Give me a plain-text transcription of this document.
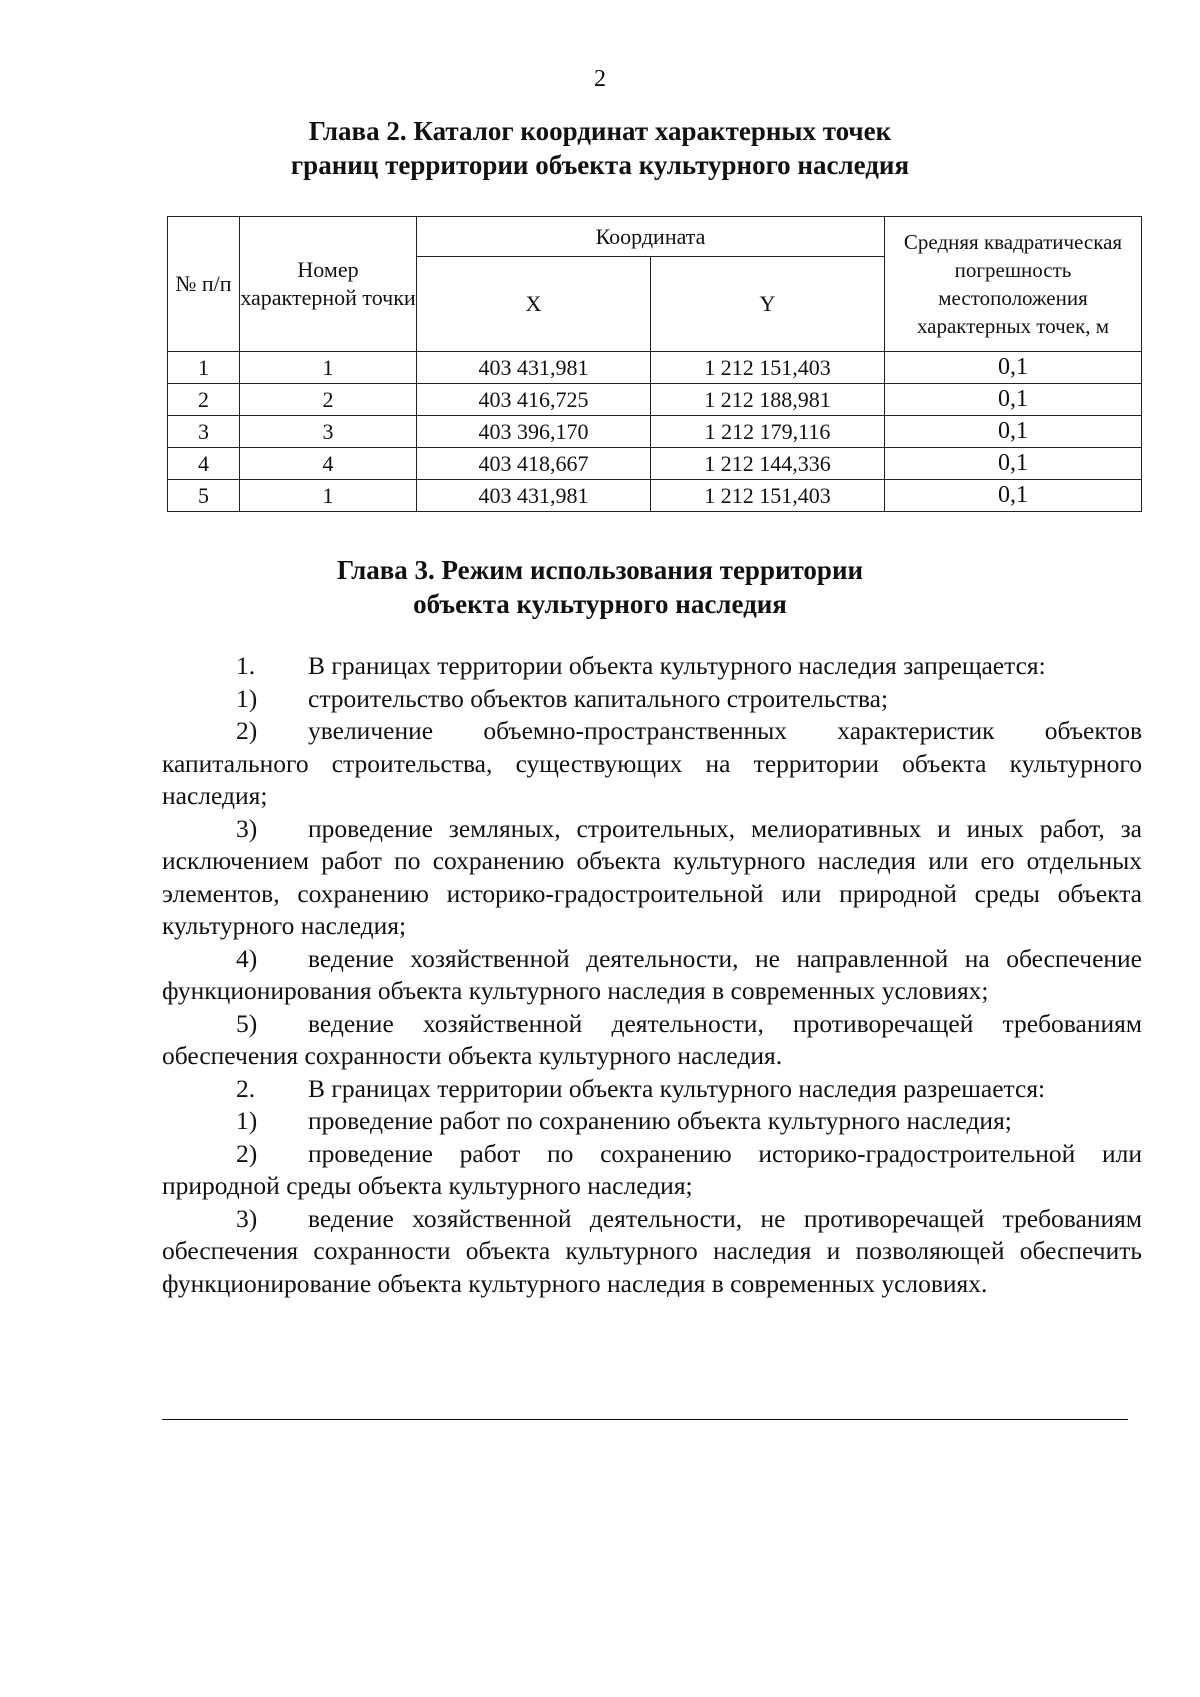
2
Глава 2. Каталог координат характерных точек
границ территории объекта культурного наследия
№ п/п	Номер характерной точки	Координата		Средняя квадратическая погрешность местоположения характерных точек, м
		X	Y	
1	1	403 431,981	1 212 151,403	0,1
2	2	403 416,725	1 212 188,981	0,1
3	3	403 396,170	1 212 179,116	0,1
4	4	403 418,667	1 212 144,336	0,1
5	1	403 431,981	1 212 151,403	0,1
Глава 3. Режим использования территории
объекта культурного наследия

1. В границах территории объекта культурного наследия запрещается:

1) строительство объектов капитального строительства;

2) увеличение объемно-пространственных характеристик объектов капитального строительства, существующих на территории объекта культурного наследия;

3) проведение земляных, строительных, мелиоративных и иных работ, за исключением работ по сохранению объекта культурного наследия или его отдельных элементов, сохранению историко-градостроительной или природной среды объекта культурного наследия;

4) ведение хозяйственной деятельности, не направленной на обеспечение функционирования объекта культурного наследия в современных условиях;

5) ведение хозяйственной деятельности, противоречащей требованиям обеспечения сохранности объекта культурного наследия.

2. В границах территории объекта культурного наследия разрешается:

1) проведение работ по сохранению объекта культурного наследия;

2) проведение работ по сохранению историко-градостроительной или природной среды объекта культурного наследия;

3) ведение хозяйственной деятельности, не противоречащей требованиям обеспечения сохранности объекта культурного наследия и позволяющей обеспечить функционирование объекта культурного наследия в современных условиях.
